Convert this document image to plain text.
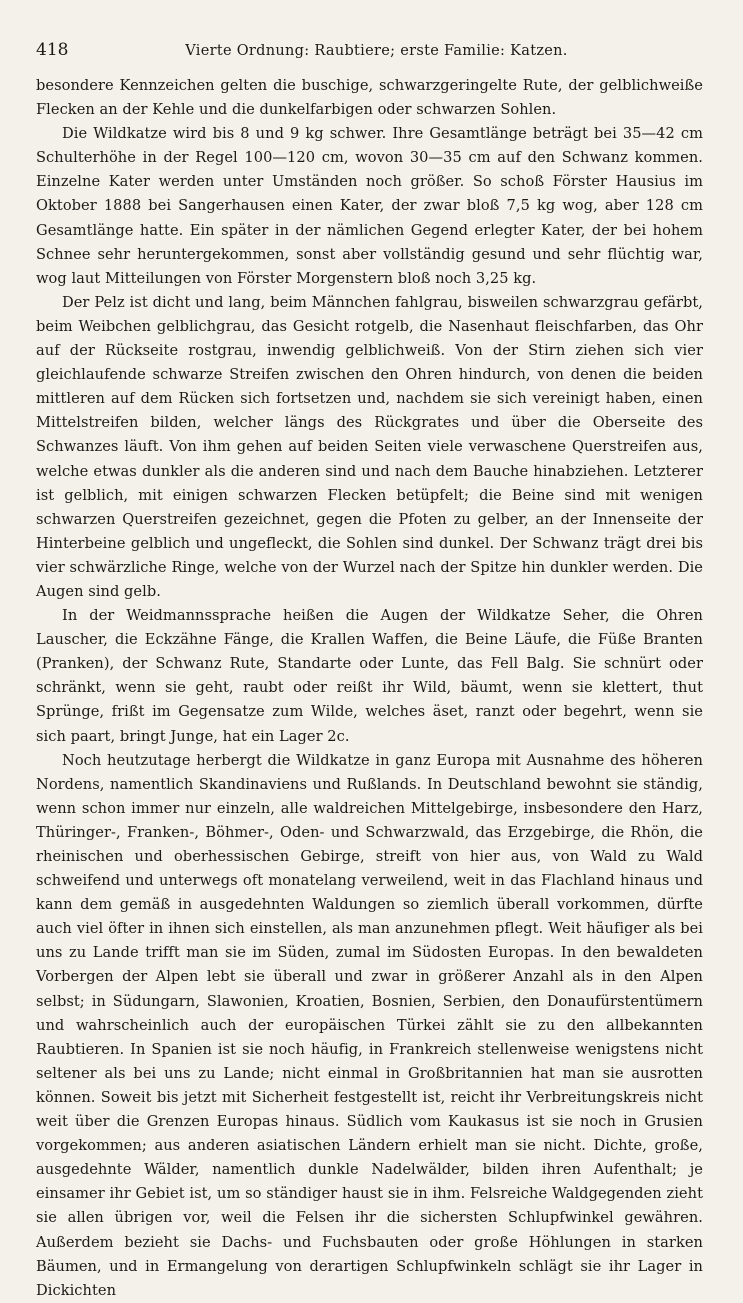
418	Vierte Ordnung: Raubtiere; erste Familie: Katzen.

besondere Kennzeichen gelten die buschige, schwarzgeringelte Rute, der gelblichweiße Flecken an der Kehle und die dunkelfarbigen oder schwarzen Sohlen.

Die Wildkatze wird bis 8 und 9 kg schwer. Ihre Gesamtlänge beträgt bei 35—42 cm Schulterhöhe in der Regel 100—120 cm, wovon 30—35 cm auf den Schwanz kommen. Einzelne Kater werden unter Umständen noch größer. So schoß Förster Hausius im Oktober 1888 bei Sangerhausen einen Kater, der zwar bloß 7,5 kg wog, aber 128 cm Gesamtlänge hatte. Ein später in der nämlichen Gegend erlegter Kater, der bei hohem Schnee sehr heruntergekommen, sonst aber vollständig gesund und sehr flüchtig war, wog laut Mitteilungen von Förster Morgenstern bloß noch 3,25 kg.

Der Pelz ist dicht und lang, beim Männchen fahlgrau, bisweilen schwarzgrau gefärbt, beim Weibchen gelblichgrau, das Gesicht rotgelb, die Nasenhaut fleischfarben, das Ohr auf der Rückseite rostgrau, inwendig gelblichweiß. Von der Stirn ziehen sich vier gleichlaufende schwarze Streifen zwischen den Ohren hindurch, von denen die beiden mittleren auf dem Rücken sich fortsetzen und, nachdem sie sich vereinigt haben, einen Mittelstreifen bilden, welcher längs des Rückgrates und über die Oberseite des Schwanzes läuft. Von ihm gehen auf beiden Seiten viele verwaschene Querstreifen aus, welche etwas dunkler als die anderen sind und nach dem Bauche hinabziehen. Letzterer ist gelblich, mit einigen schwarzen Flecken betüpfelt; die Beine sind mit wenigen schwarzen Querstreifen gezeichnet, gegen die Pfoten zu gelber, an der Innenseite der Hinterbeine gelblich und ungefleckt, die Sohlen sind dunkel. Der Schwanz trägt drei bis vier schwärzliche Ringe, welche von der Wurzel nach der Spitze hin dunkler werden. Die Augen sind gelb.

In der Weidmannssprache heißen die Augen der Wildkatze Seher, die Ohren Lauscher, die Eckzähne Fänge, die Krallen Waffen, die Beine Läufe, die Füße Branten (Pranken), der Schwanz Rute, Standarte oder Lunte, das Fell Balg. Sie schnürt oder schränkt, wenn sie geht, raubt oder reißt ihr Wild, bäumt, wenn sie klettert, thut Sprünge, frißt im Gegensatze zum Wilde, welches äset, ranzt oder begehrt, wenn sie sich paart, bringt Junge, hat ein Lager 2c.

Noch heutzutage herbergt die Wildkatze in ganz Europa mit Ausnahme des höheren Nordens, namentlich Skandinaviens und Rußlands. In Deutschland bewohnt sie ständig, wenn schon immer nur einzeln, alle waldreichen Mittelgebirge, insbesondere den Harz, Thüringer-, Franken-, Böhmer-, Oden- und Schwarzwald, das Erzgebirge, die Rhön, die rheinischen und oberhessischen Gebirge, streift von hier aus, von Wald zu Wald schweifend und unterwegs oft monatelang verweilend, weit in das Flachland hinaus und kann dem gemäß in ausgedehnten Waldungen so ziemlich überall vorkommen, dürfte auch viel öfter in ihnen sich einstellen, als man anzunehmen pflegt. Weit häufiger als bei uns zu Lande trifft man sie im Süden, zumal im Südosten Europas. In den bewaldeten Vorbergen der Alpen lebt sie überall und zwar in größerer Anzahl als in den Alpen selbst; in Südungarn, Slawonien, Kroatien, Bosnien, Serbien, den Donaufürstentümern und wahrscheinlich auch der europäischen Türkei zählt sie zu den allbekannten Raubtieren. In Spanien ist sie noch häufig, in Frankreich stellenweise wenigstens nicht seltener als bei uns zu Lande; nicht einmal in Großbritannien hat man sie ausrotten können. Soweit bis jetzt mit Sicherheit festgestellt ist, reicht ihr Verbreitungskreis nicht weit über die Grenzen Europas hinaus. Südlich vom Kaukasus ist sie noch in Grusien vorgekommen; aus anderen asiatischen Ländern erhielt man sie nicht. Dichte, große, ausgedehnte Wälder, namentlich dunkle Nadelwälder, bilden ihren Aufenthalt; je einsamer ihr Gebiet ist, um so ständiger haust sie in ihm. Felsreiche Waldgegenden zieht sie allen übrigen vor, weil die Felsen ihr die sichersten Schlupfwinkel gewähren. Außerdem bezieht sie Dachs- und Fuchsbauten oder große Höhlungen in starken Bäumen, und in Ermangelung von derartigen Schlupfwinkeln schlägt sie ihr Lager in Dickichten
